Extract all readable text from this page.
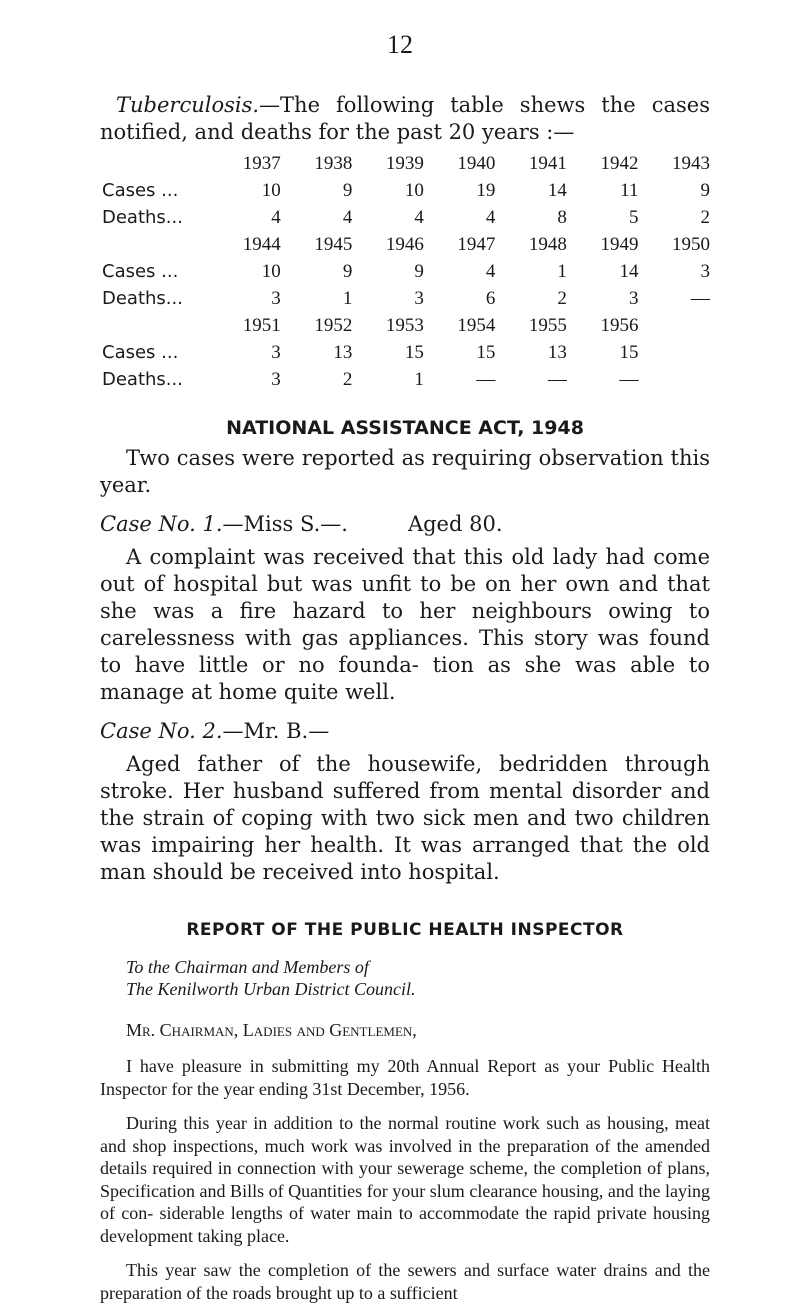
12
Tuberculosis.—The following table shews the cases

notified, and deaths for the past 20 years :—

	1937	1938	1939	1940	1941	1942	1943
Cases ...	10	9	10	19	14	11	9
Deaths...	4	4	4	4	8	5	2
	1944	1945	1946	1947	1948	1949	1950
Cases ...	10	9	9	4	1	14	3
Deaths...	3	1	3	6	2	3	—
	1951	1952	1953	1954	1955	1956	
Cases ...	3	13	15	15	13	15	
Deaths...	3	2	1	—	—	—	
NATIONAL ASSISTANCE ACT, 1948

Two cases were reported as requiring observation this year.

Case No. 1.—Miss S.—.	Aged 80.

A complaint was received that this old lady had come out of hospital but was unfit to be on her own and that she was a fire hazard to her neighbours owing to carelessness with gas appliances. This story was found to have little or no founda- tion as she was able to manage at home quite well.

Case No. 2.—Mr. B.—

Aged father of the housewife, bedridden through stroke. Her husband suffered from mental disorder and the strain of coping with two sick men and two children was impairing her health. It was arranged that the old man should be received into hospital.

REPORT OF THE PUBLIC HEALTH INSPECTOR
To the Chairman and Members of
The Kenilworth Urban District Council.
Mr. Chairman, Ladies and Gentlemen,

I have pleasure in submitting my 20th Annual Report as your Public Health Inspector for the year ending 31st December, 1956.

During this year in addition to the normal routine work such as housing, meat and shop inspections, much work was involved in the preparation of the amended details required in connection with your sewerage scheme, the completion of plans, Specification and Bills of Quantities for your slum clearance housing, and the laying of con- siderable lengths of water main to accommodate the rapid private housing development taking place.

This year saw the completion of the sewers and surface water drains and the preparation of the roads brought up to a sufficient
